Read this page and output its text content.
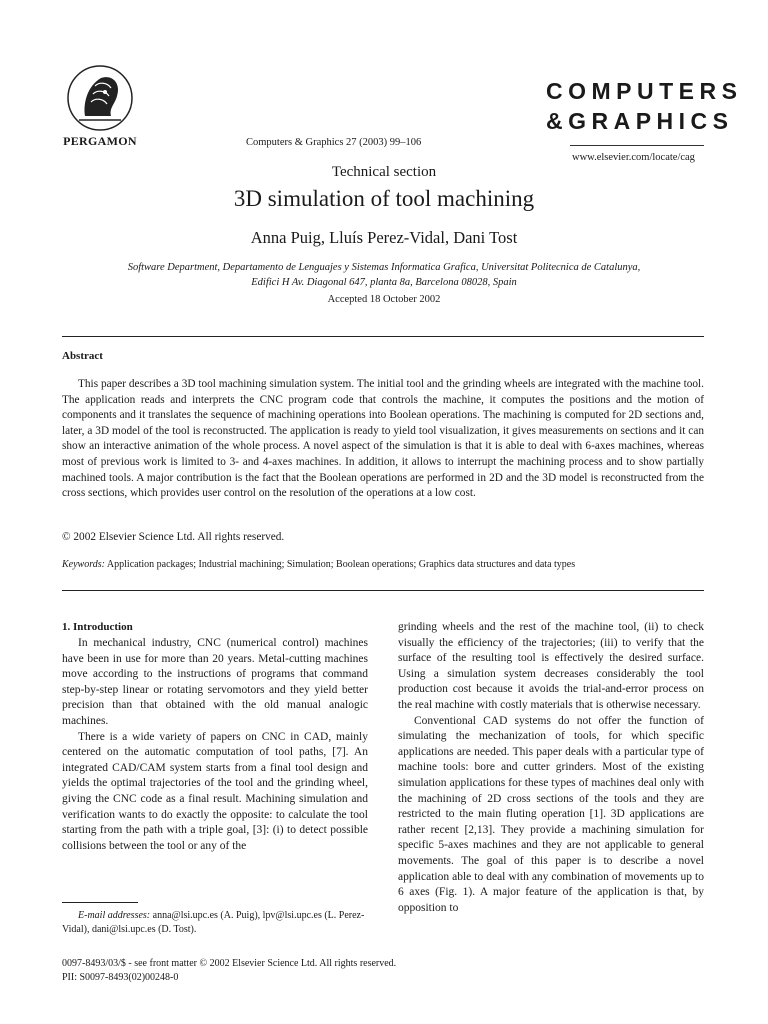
PERGAMON	Computers & Graphics 27 (2003) 99–106
COMPUTERS
&GRAPHICS
www.elsevier.com/locate/cag
Technical section
3D simulation of tool machining
Anna Puig, Lluís Perez-Vidal, Dani Tost
Software Department, Departamento de Lenguajes y Sistemas Informatica Grafica, Universitat Politecnica de Catalunya,
Edifici H Av. Diagonal 647, planta 8a, Barcelona 08028, Spain
Accepted 18 October 2002
Abstract

This paper describes a 3D tool machining simulation system. The initial tool and the grinding wheels are integrated with the machine tool. The application reads and interprets the CNC program code that controls the machine, it computes the positions and the motion of components and it translates the sequence of machining operations into Boolean operations. The machining is computed for 2D sections and, later, a 3D model of the tool is reconstructed. The application is ready to yield tool visualization, it gives measurements on sections and it can show an interactive animation of the whole process. A novel aspect of the simulation is that it is able to deal with 6-axes machines, whereas most of previous work is limited to 3- and 4-axes machines. In addition, it allows to interrupt the machining process and to show partially machined tools. A major contribution is the fact that the Boolean operations are performed in 2D and the 3D model is reconstructed from the cross sections, which provides user control on the resolution of the operations at a low cost.

© 2002 Elsevier Science Ltd. All rights reserved.
Keywords: Application packages; Industrial machining; Simulation; Boolean operations; Graphics data structures and data types
1. Introduction

In mechanical industry, CNC (numerical control) machines have been in use for more than 20 years. Metal-cutting machines move according to the instructions of programs that command step-by-step linear or rotating servomotors and they yield better precision than that obtained with the old manual analogic machines.

There is a wide variety of papers on CNC in CAD, mainly centered on the automatic computation of tool paths, [7]. An integrated CAD/CAM system starts from a final tool design and yields the optimal trajectories of the tool and the grinding wheel, giving the CNC code as a final result. Machining simulation and verification wants to do exactly the opposite: to calculate the tool starting from the path with a triple goal, [3]: (i) to detect possible collisions between the tool or any of the

grinding wheels and the rest of the machine tool, (ii) to check visually the efficiency of the trajectories; (iii) to verify that the surface of the resulting tool is effectively the desired surface. Using a simulation system decreases considerably the tool production cost because it avoids the trial-and-error process on the real machine with costly materials that is otherwise necessary.

Conventional CAD systems do not offer the function of simulating the mechanization of tools, for which specific applications are needed. This paper deals with a particular type of machine tools: bore and cutter grinders. Most of the existing simulation applications for these types of machines deal only with the machining of 2D cross sections of the tools and they are restricted to the main fluting operation [1]. 3D applications are rather recent [2,13]. They provide a machining simulation for specific 5-axes machines and they are not applicable to general movements. The goal of this paper is to describe a novel application able to deal with any combination of movements up to 6 axes (Fig. 1). A major feature of the application is that, by opposition to

E-mail addresses: anna@lsi.upc.es (A. Puig), lpv@lsi.upc.es (L. Perez-Vidal), dani@lsi.upc.es (D. Tost).

0097-8493/03/$ - see front matter © 2002 Elsevier Science Ltd. All rights reserved.
PII: S0097-8493(02)00248-0
